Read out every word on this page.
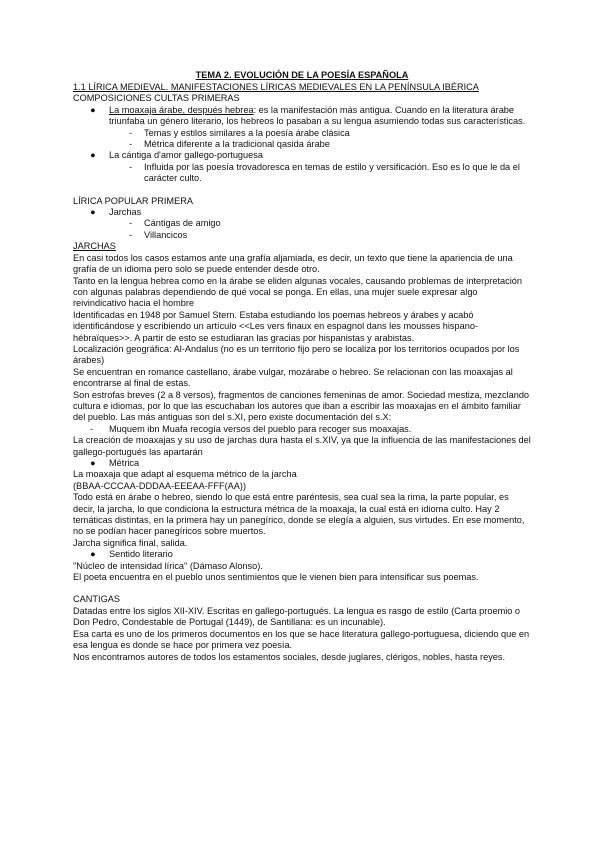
TEMA 2. EVOLUCIÓN DE LA POESÍA ESPAÑOLA

1.1 LÍRICA MEDIEVAL. MANIFESTACIONES LÍRICAS MEDIEVALES EN LA PENÍNSULA IBÉRICA

COMPOSICIONES CULTAS PRIMERAS

● La moaxaja árabe, después hebrea: es la manifestación más antigua. Cuando en la literatura árabe triunfaba un género literario, los hebreos lo pasaban a su lengua asumiendo todas sus características.
- Temas y estilos similares a la poesía árabe clásica
- Métrica diferente a la tradicional qasida árabe
● La cántiga d'amor gallego-portuguesa
- Influida por las poesía trovadoresca en temas de estilo y versificación. Eso es lo que le da el carácter culto.

LÍRICA POPULAR PRIMERA

● Jarchas
- Cántigas de amigo
- Villancicos

JARCHAS

En casi todos los casos estamos ante una grafía aljamiada, es decir, un texto que tiene la apariencia de una grafía de un idioma pero solo se puede entender desde otro.

Tanto en la lengua hebrea como en la árabe se eliden algunas vocales, causando problemas de interpretación con algunas palabras dependiendo de qué vocal se ponga. En ellas, una mujer suele expresar algo reivindicativo hacia el hombre

Identificadas en 1948 por Samuel Stern. Estaba estudiando los poemas hebreos y árabes y acabó identificándose y escribiendo un artículo <<Les vers finaux en espagnol dans les mousses hispano-hébraïques>>. A partir de esto se estudiaran las gracias por hispanistas y arabistas.

Localización geográfica: Al-Andalus (no es un territorio fijo pero se localiza por los territorios ocupados por los árabes)

Se encuentran en romance castellano, árabe vulgar, mozárabe o hebreo. Se relacionan con las moaxajas al encontrarse al final de estas.

Son estrofas breves (2 a 8 versos), fragmentos de canciones femeninas de amor. Sociedad mestiza, mezclando cultura e idiomas, por lo que las escuchaban los autores que iban a escribir las moaxajas en el ámbito familiar del pueblo. Las más antiguas son del s.XI, pero existe documentación del s.X:

- Muquem ibn Muafa recogía versos del pueblo para recoger sus moaxajas.

La creación de moaxajas y su uso de jarchas dura hasta el s.XIV, ya que la influencia de las manifestaciones del gallego-portugués las apartarán

● Métrica

La moaxaja que adapt al esquema métrico de la jarcha

(BBAA-CCCAA-DDDAA-EEEAA-FFF(AA))

Todo está en árabe o hebreo, siendo lo que está entre paréntesis, sea cual sea la rima, la parte popular, es decir, la jarcha, lo que condiciona la estructura métrica de la moaxaja, la cual está en idioma culto. Hay 2 temáticas distintas, en la primera hay un panegírico, donde se elegía a alguien, sus virtudes. En ese momento, no se podían hacer panegíricos sobre muertos.

Jarcha significa final, salida.

● Sentido literario

"Núcleo de intensidad lírica" (Dámaso Alonso).

El poeta encuentra en el pueblo unos sentimientos que le vienen bien para intensificar sus poemas.

CANTIGAS

Datadas entre los siglos XII-XIV. Escritas en gallego-portugués. La lengua es rasgo de estilo (Carta proemio o Don Pedro, Condestable de Portugal (1449), de Santillana: es un incunable).

Esa carta es uno de los primeros documentos en los que se hace literatura gallego-portuguesa, diciendo que en esa lengua es donde se hace por primera vez poesía.

Nos encontramos autores de todos los estamentos sociales, desde juglares, clérigos, nobles, hasta reyes.
